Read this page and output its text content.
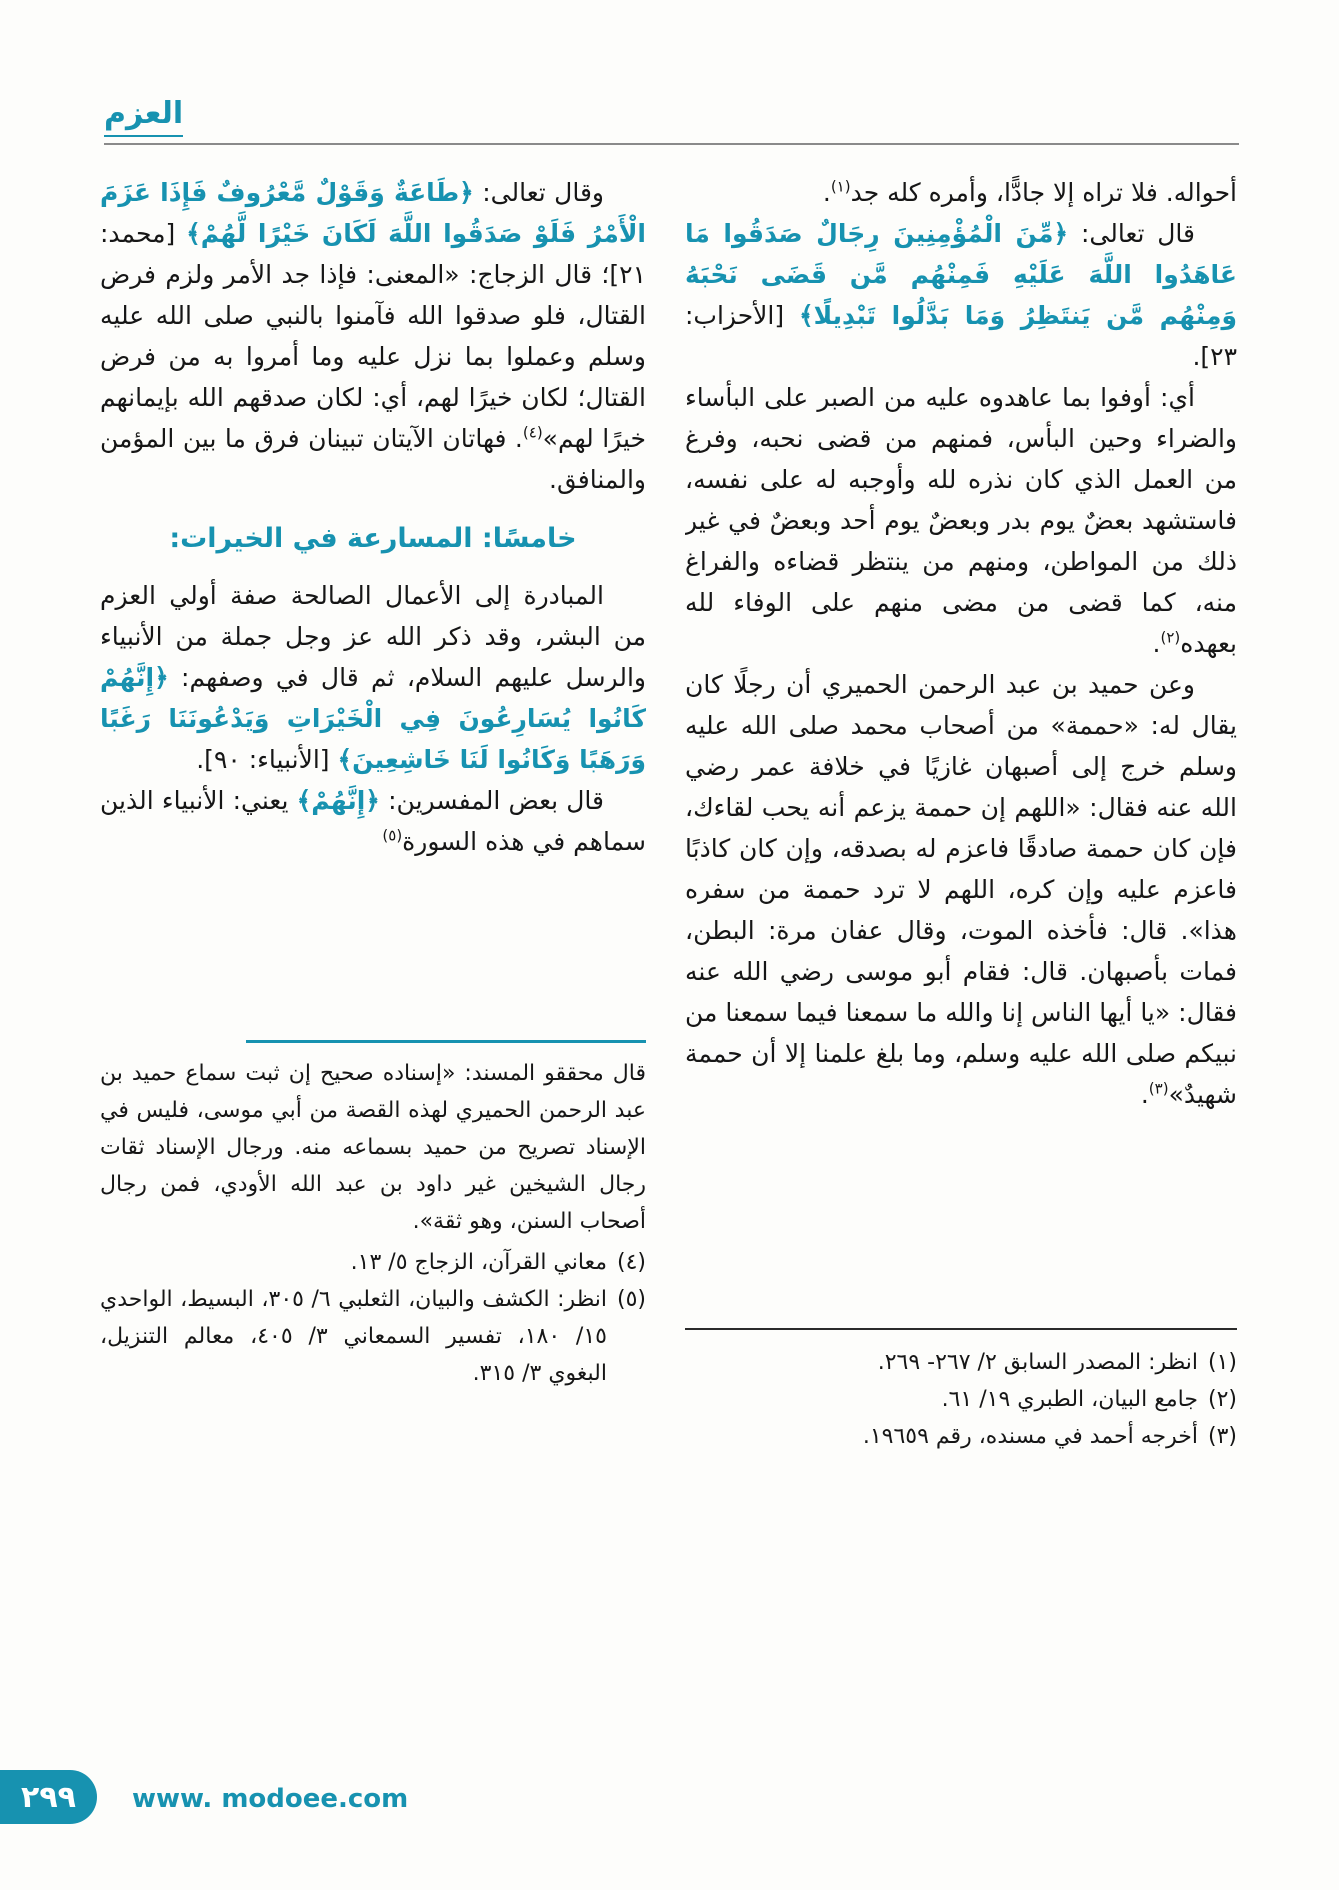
العزم

أحواله. فلا تراه إلا جادًّا، وأمره كله جد$^{(١)}$.

قال تعالى: ﴿مِّنَ الْمُؤْمِنِينَ رِجَالٌ صَدَقُوا مَا عَاهَدُوا اللَّهَ عَلَيْهِ فَمِنْهُم مَّن قَضَى نَحْبَهُ وَمِنْهُم مَّن يَنتَظِرُ وَمَا بَدَّلُوا تَبْدِيلًا﴾ [الأحزاب: ٢٣].

أي: أوفوا بما عاهدوه عليه من الصبر على البأساء والضراء وحين البأس، فمنهم من قضى نحبه، وفرغ من العمل الذي كان نذره لله وأوجبه له على نفسه، فاستشهد بعضٌ يوم بدر وبعضٌ يوم أحد وبعضٌ في غير ذلك من المواطن، ومنهم من ينتظر قضاءه والفراغ منه، كما قضى من مضى منهم على الوفاء لله بعهده$^{(٢)}$.

وعن حميد بن عبد الرحمن الحميري أن رجلًا كان يقال له: «حممة» من أصحاب محمد صلى الله عليه وسلم خرج إلى أصبهان غازيًا في خلافة عمر رضي الله عنه فقال: «اللهم إن حممة يزعم أنه يحب لقاءك، فإن كان حممة صادقًا فاعزم له بصدقه، وإن كان كاذبًا فاعزم عليه وإن كره، اللهم لا ترد حممة من سفره هذا». قال: فأخذه الموت، وقال عفان مرة: البطن، فمات بأصبهان. قال: فقام أبو موسى رضي الله عنه فقال: «يا أيها الناس إنا والله ما سمعنا فيما سمعنا من نبيكم صلى الله عليه وسلم، وما بلغ علمنا إلا أن حممة شهيدٌ»$^{(٣)}$.

(١)
انظر: المصدر السابق ٢/ ٢٦٧- ٢٦٩.
(٢)
جامع البيان، الطبري ١٩/ ٦١.
(٣)
أخرجه أحمد في مسنده، رقم ١٩٦٥٩.

وقال تعالى: ﴿طَاعَةٌ وَقَوْلٌ مَّعْرُوفٌ فَإِذَا عَزَمَ الْأَمْرُ فَلَوْ صَدَقُوا اللَّهَ لَكَانَ خَيْرًا لَّهُمْ﴾ [محمد: ٢١]؛ قال الزجاج: «المعنى: فإذا جد الأمر ولزم فرض القتال، فلو صدقوا الله فآمنوا بالنبي صلى الله عليه وسلم وعملوا بما نزل عليه وما أمروا به من فرض القتال؛ لكان خيرًا لهم، أي: لكان صدقهم الله بإيمانهم خيرًا لهم»$^{(٤)}$. فهاتان الآيتان تبينان فرق ما بين المؤمن والمنافق.

خامسًا: المسارعة في الخيرات:

المبادرة إلى الأعمال الصالحة صفة أولي العزم من البشر، وقد ذكر الله عز وجل جملة من الأنبياء والرسل عليهم السلام، ثم قال في وصفهم: ﴿إِنَّهُمْ كَانُوا يُسَارِعُونَ فِي الْخَيْرَاتِ وَيَدْعُونَنَا رَغَبًا وَرَهَبًا وَكَانُوا لَنَا خَاشِعِينَ﴾ [الأنبياء: ٩٠].

قال بعض المفسرين: ﴿إِنَّهُمْ﴾ يعني: الأنبياء الذين سماهم في هذه السورة$^{(٥)}$

قال محققو المسند: «إسناده صحيح إن ثبت سماع حميد بن عبد الرحمن الحميري لهذه القصة من أبي موسى، فليس في الإسناد تصريح من حميد بسماعه منه. ورجال الإسناد ثقات رجال الشيخين غير داود بن عبد الله الأودي، فمن رجال أصحاب السنن، وهو ثقة».

(٤)
معاني القرآن، الزجاج ٥/ ١٣.
(٥)
انظر: الكشف والبيان، الثعلبي ٦/ ٣٠٥، البسيط، الواحدي ١٥/ ١٨٠، تفسير السمعاني ٣/ ٤٠٥، معالم التنزيل، البغوي ٣/ ٣١٥.
٢٩٩ www. modoee.com
